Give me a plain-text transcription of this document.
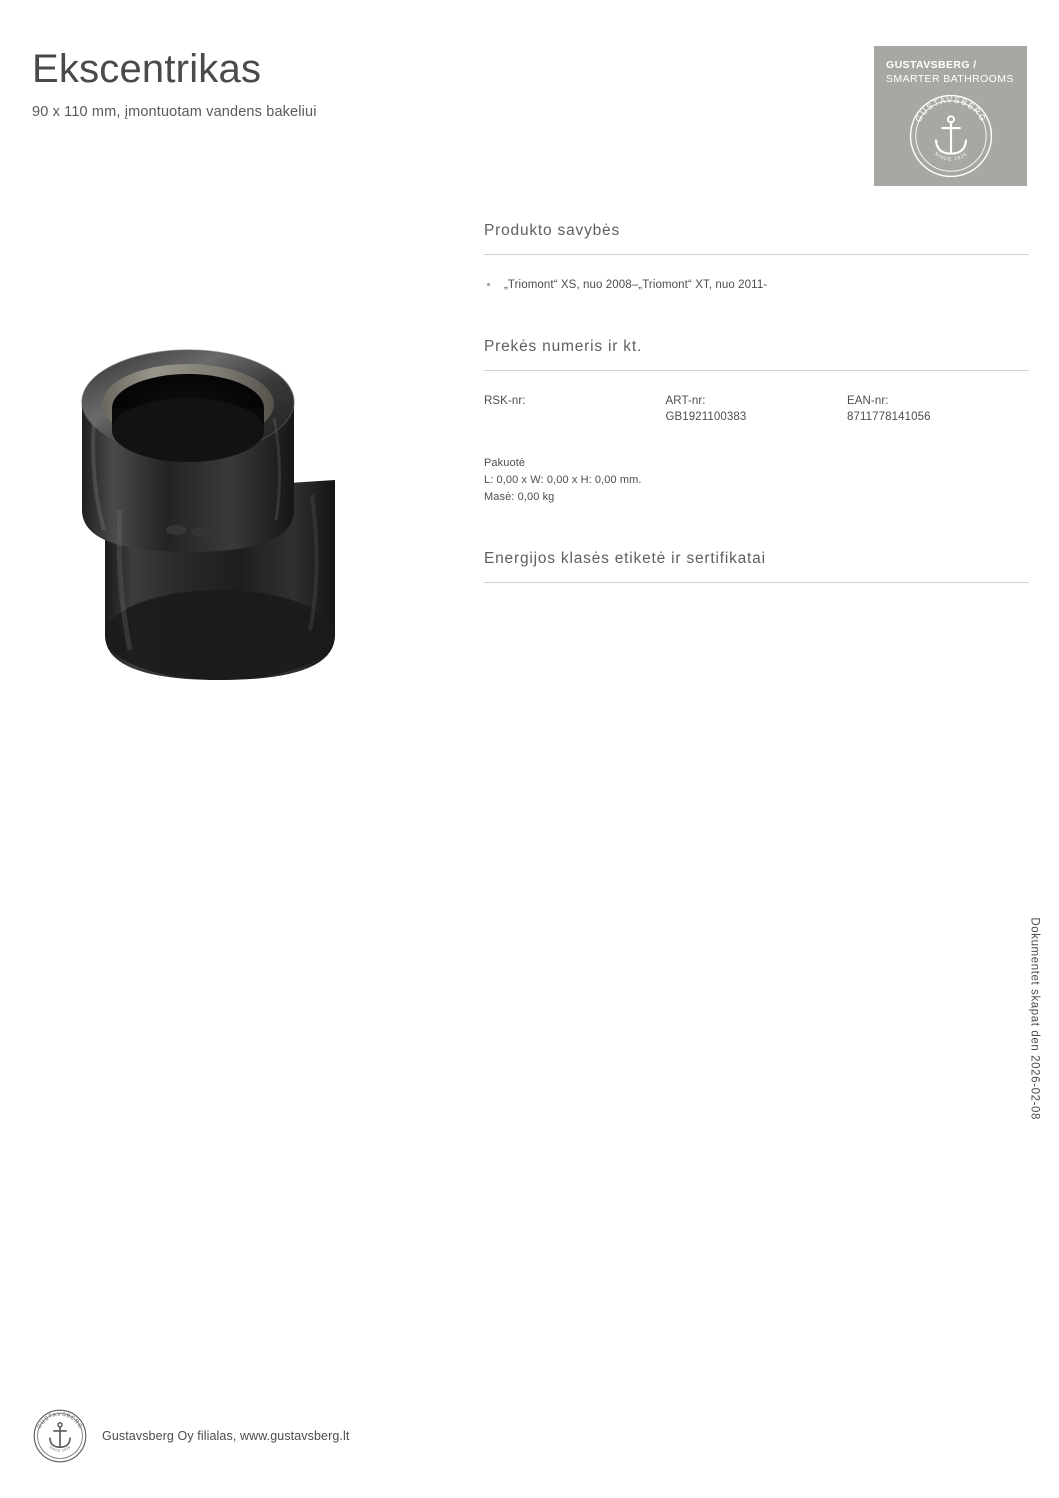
Ekscentrikas
90 x 110 mm, įmontuotam vandens bakeliui
GUSTAVSBERG /
SMARTER BATHROOMS
GUSTAVSBERG
SINCE 1825
Produkto savybės
„Triomont“ XS, nuo 2008–„Triomont“ XT, nuo 2011-
Prekės numeris ir kt.
RSK-nr:	ART-nr:
GB1921100383
EAN-nr:
8711778141056
Pakuotė
L: 0,00 x W: 0,00 x H: 0,00 mm.
Masė: 0,00 kg
Energijos klasės etiketė ir sertifikatai
Dokumentet skapat den 2026-02-08
GUSTAVSBERG
SINCE 1825
Gustavsberg Oy filialas, www.gustavsberg.lt
